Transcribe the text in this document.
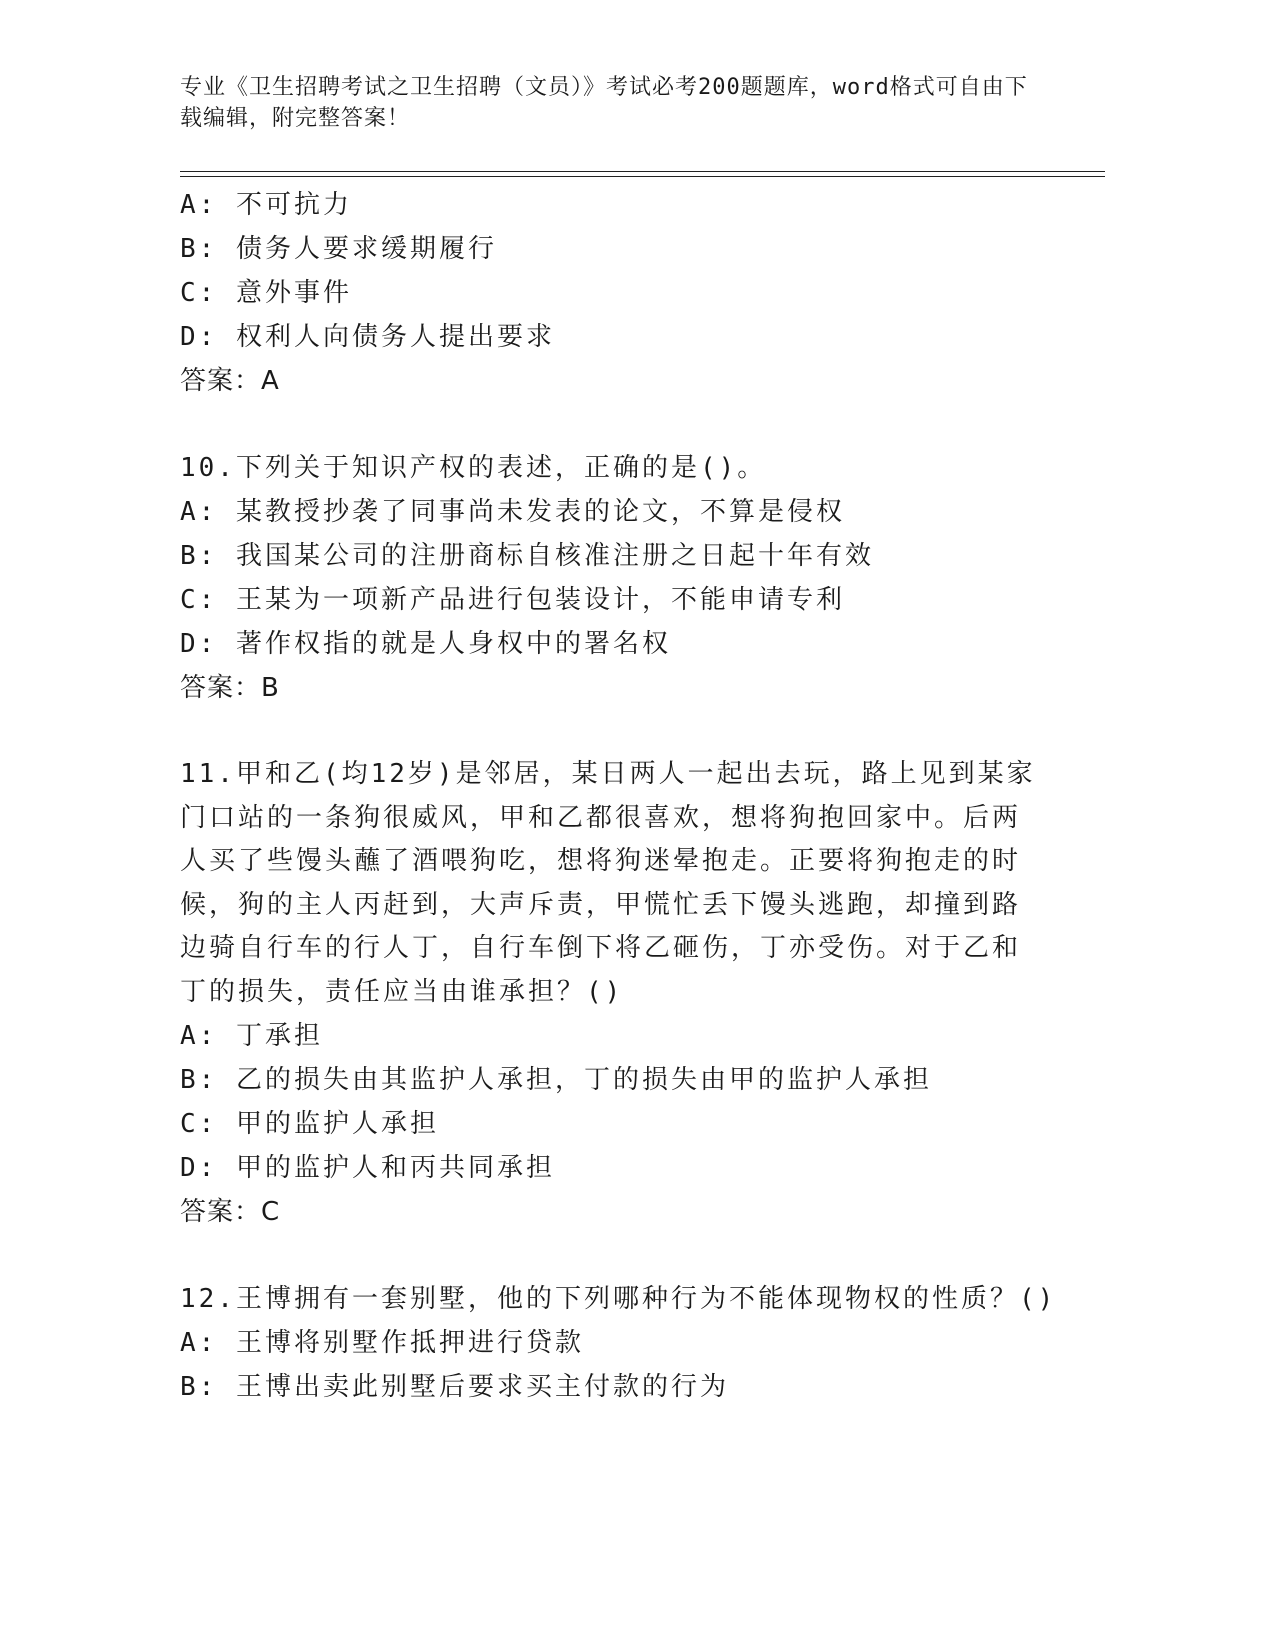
专业《卫生招聘考试之卫生招聘（文员）》考试必考200题题库，word格式可自由下载编辑，附完整答案！
A: 不可抗力
B: 债务人要求缓期履行
C: 意外事件
D: 权利人向债务人提出要求
答案：A
10.下列关于知识产权的表述，正确的是()。
A: 某教授抄袭了同事尚未发表的论文，不算是侵权
B: 我国某公司的注册商标自核准注册之日起十年有效
C: 王某为一项新产品进行包装设计，不能申请专利
D: 著作权指的就是人身权中的署名权
答案：B
11.甲和乙(均12岁)是邻居，某日两人一起出去玩，路上见到某家门口站的一条狗很威风，甲和乙都很喜欢，想将狗抱回家中。后两人买了些馒头蘸了酒喂狗吃，想将狗迷晕抱走。正要将狗抱走的时候，狗的主人丙赶到，大声斥责，甲慌忙丢下馒头逃跑，却撞到路边骑自行车的行人丁，自行车倒下将乙砸伤，丁亦受伤。对于乙和丁的损失，责任应当由谁承担？()
A: 丁承担
B: 乙的损失由其监护人承担，丁的损失由甲的监护人承担
C: 甲的监护人承担
D: 甲的监护人和丙共同承担
答案：C
12.王博拥有一套别墅，他的下列哪种行为不能体现物权的性质？()
A: 王博将别墅作抵押进行贷款
B: 王博出卖此别墅后要求买主付款的行为
